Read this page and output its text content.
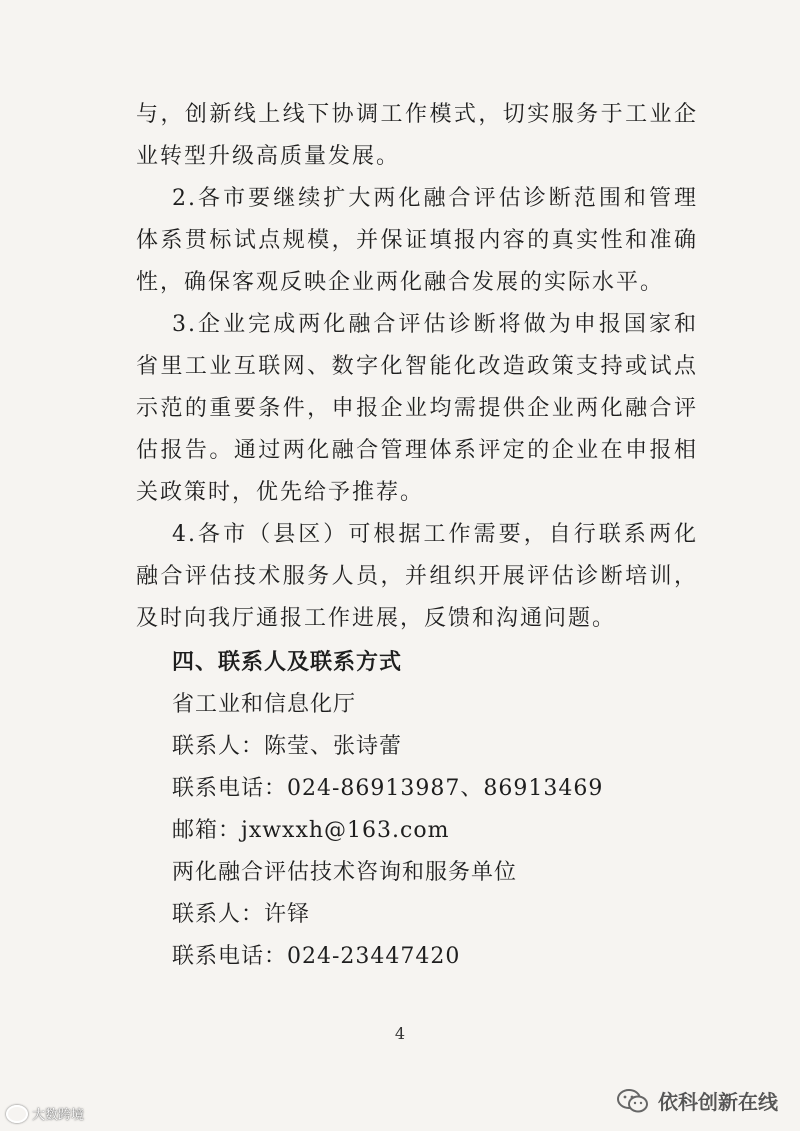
与，创新线上线下协调工作模式，切实服务于工业企业转型升级高质量发展。

2.各市要继续扩大两化融合评估诊断范围和管理体系贯标试点规模，并保证填报内容的真实性和准确性，确保客观反映企业两化融合发展的实际水平。

3.企业完成两化融合评估诊断将做为申报国家和省里工业互联网、数字化智能化改造政策支持或试点示范的重要条件，申报企业均需提供企业两化融合评估报告。通过两化融合管理体系评定的企业在申报相关政策时，优先给予推荐。

4.各市（县区）可根据工作需要，自行联系两化融合评估技术服务人员，并组织开展评估诊断培训，及时向我厅通报工作进展，反馈和沟通问题。

四、联系人及联系方式

省工业和信息化厅

联系人：陈莹、张诗蕾

联系电话：024-86913987、86913469

邮箱：jxwxxh@163.com

两化融合评估技术咨询和服务单位

联系人：许铎

联系电话：024-23447420

4
大数跨境
依科创新在线
